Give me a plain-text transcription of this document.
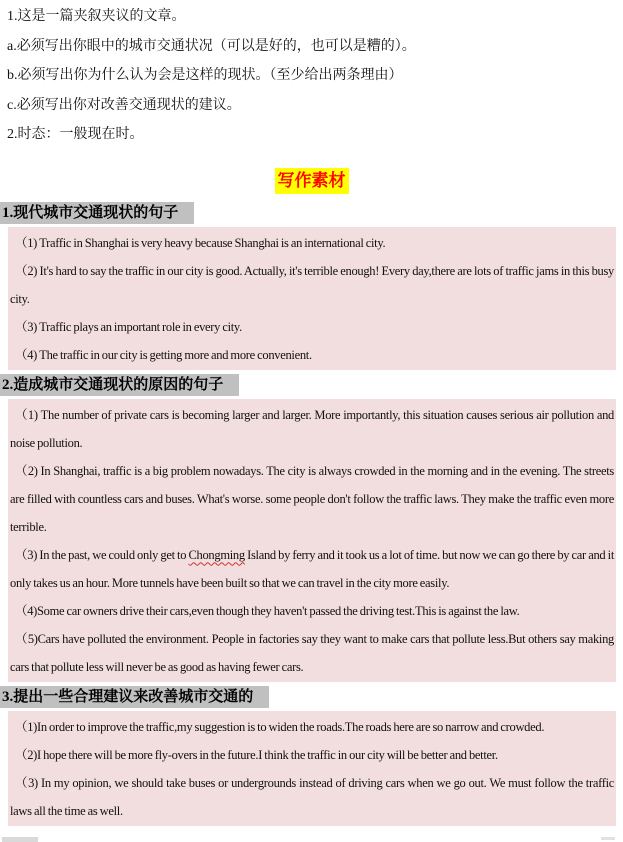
1.这是一篇夹叙夹议的文章。

a.必须写出你眼中的城市交通状况（可以是好的，也可以是糟的）。

b.必须写出你为什么认为会是这样的现状。（至少给出两条理由）

c.必须写出你对改善交通现状的建议。

2.时态：一般现在时。

写作素材
1.现代城市交通现状的句子

（1) Traffic in Shanghai is very heavy because Shanghai is an international city.

（2) It's hard to say the traffic in our city is good. Actually, it's terrible enough! Every day,there are lots of traffic jams in this busy city.

（3) Traffic plays an important role in every city.

（4) The traffic in our city is getting more and more convenient.

2.造成城市交通现状的原因的句子

（1) The number of private cars is becoming larger and larger. More importantly, this situation causes serious air pollution and noise pollution.

（2) In Shanghai, traffic is a big problem nowadays. The city is always crowded in the morning and in the evening. The streets are filled with countless cars and buses. What's worse. some people don't follow the traffic laws. They make the traffic even more terrible.

（3) In the past, we could only get to Chongming Island by ferry and it took us a lot of time. but now we can go there by car and it only takes us an hour. More tunnels have been built so that we can travel in the city more easily.

（4)Some car owners drive their cars,even though they haven't passed the driving test.This is against the law.

（5)Cars have polluted the environment. People in factories say they want to make cars that pollute less.But others say making cars that pollute less will never be as good as having fewer cars.

3.提出一些合理建议来改善城市交通的

（1)In order to improve the traffic,my suggestion is to widen the roads.The roads here are so narrow and crowded.

（2)I hope there will be more fly-overs in the future.I think the traffic in our city will be better and better.

（3) In my opinion, we should take buses or undergrounds instead of driving cars when we go out. We must follow the traffic laws all the time as well.
